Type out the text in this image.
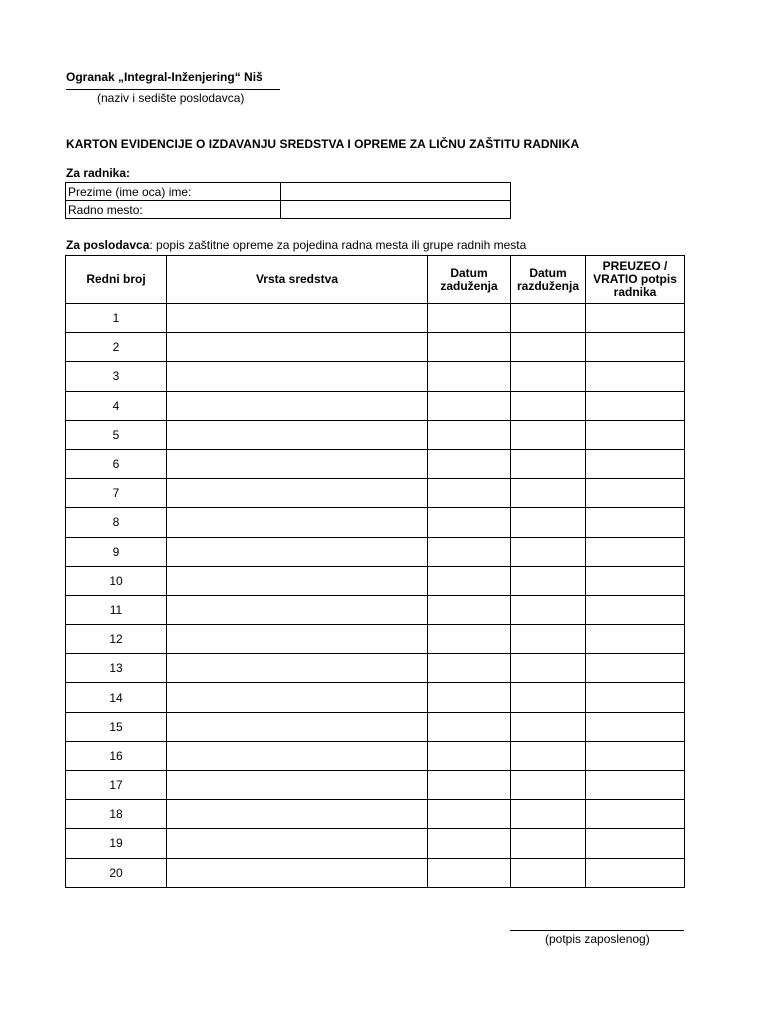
Ogranak „Integral-Inženjering“ Niš
(naziv i sedište poslodavca)
KARTON EVIDENCIJE O IZDAVANJU SREDSTVA I OPREME ZA LIČNU ZAŠTITU RADNIKA
Za radnika:
Prezime (ime oca) ime:	
Radno mesto:	
Za poslodavca: popis zaštitne opreme za pojedina radna mesta ili grupe radnih mesta
Redni broj	Vrsta sredstva	Datum zaduženja	Datum razduženja	PREUZEO / VRATIO potpis radnika
1				
2				
3				
4				
5				
6				
7				
8				
9				
10				
11				
12				
13				
14				
15				
16				
17				
18				
19				
20				
(potpis zaposlenog)
